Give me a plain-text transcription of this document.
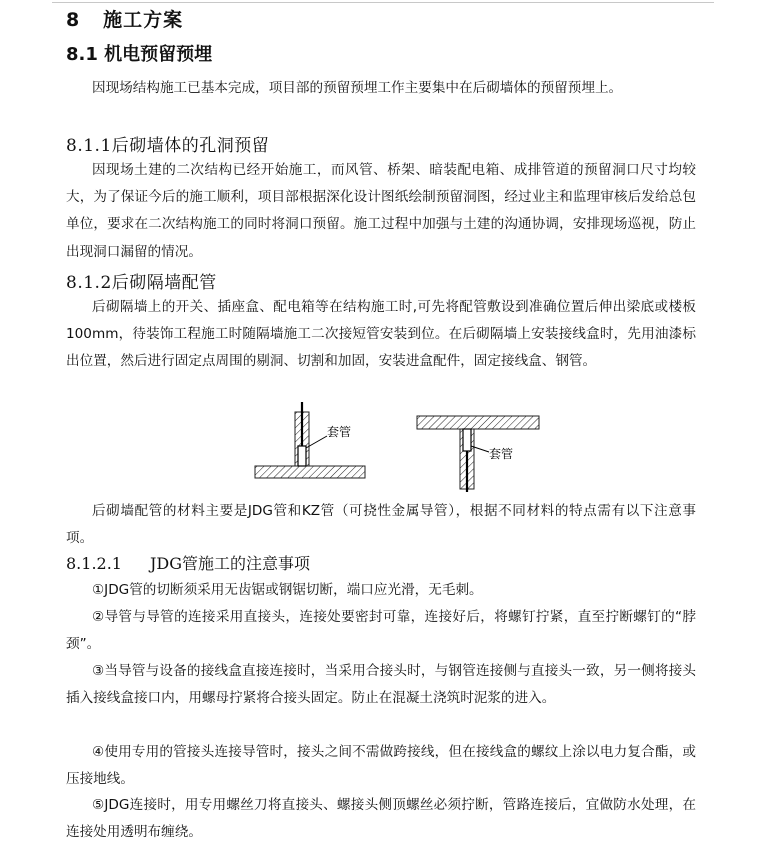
8 施工方案
8.1 机电预留预埋
因现场结构施工已基本完成，项目部的预留预埋工作主要集中在后砌墙体的预留预埋上。
8.1.1后砌墙体的孔洞预留
因现场土建的二次结构已经开始施工，而风管、桥架、暗装配电箱、成排管道的预留洞口尺寸均较大，为了保证今后的施工顺利，项目部根据深化设计图纸绘制预留洞图，经过业主和监理审核后发给总包单位，要求在二次结构施工的同时将洞口预留。施工过程中加强与土建的沟通协调，安排现场巡视，防止出现洞口漏留的情况。
8.1.2后砌隔墙配管
后砌隔墙上的开关、插座盒、配电箱等在结构施工时,可先将配管敷设到准确位置后伸出梁底或楼板100mm，待装饰工程施工时随隔墙施工二次接短管安装到位。在后砌隔墙上安装接线盒时，先用油漆标出位置，然后进行固定点周围的剔洞、切割和加固，安装进盒配件，固定接线盒、钢管。
套管
套管
后砌墙配管的材料主要是JDG管和KZ管（可挠性金属导管），根据不同材料的特点需有以下注意事项。
8.1.2.1 JDG管施工的注意事项
①JDG管的切断须采用无齿锯或钢锯切断，端口应光滑，无毛刺。
②导管与导管的连接采用直接头，连接处要密封可靠，连接好后，将螺钉拧紧，直至拧断螺钉的“脖颈”。
③当导管与设备的接线盒直接连接时，当采用合接头时，与钢管连接侧与直接头一致，另一侧将接头插入接线盒接口内，用螺母拧紧将合接头固定。防止在混凝土浇筑时泥浆的进入。
④使用专用的管接头连接导管时，接头之间不需做跨接线，但在接线盒的螺纹上涂以电力复合酯，或压接地线。
⑤JDG连接时，用专用螺丝刀将直接头、螺接头侧顶螺丝必须拧断，管路连接后，宜做防水处理，在连接处用透明布缠绕。
